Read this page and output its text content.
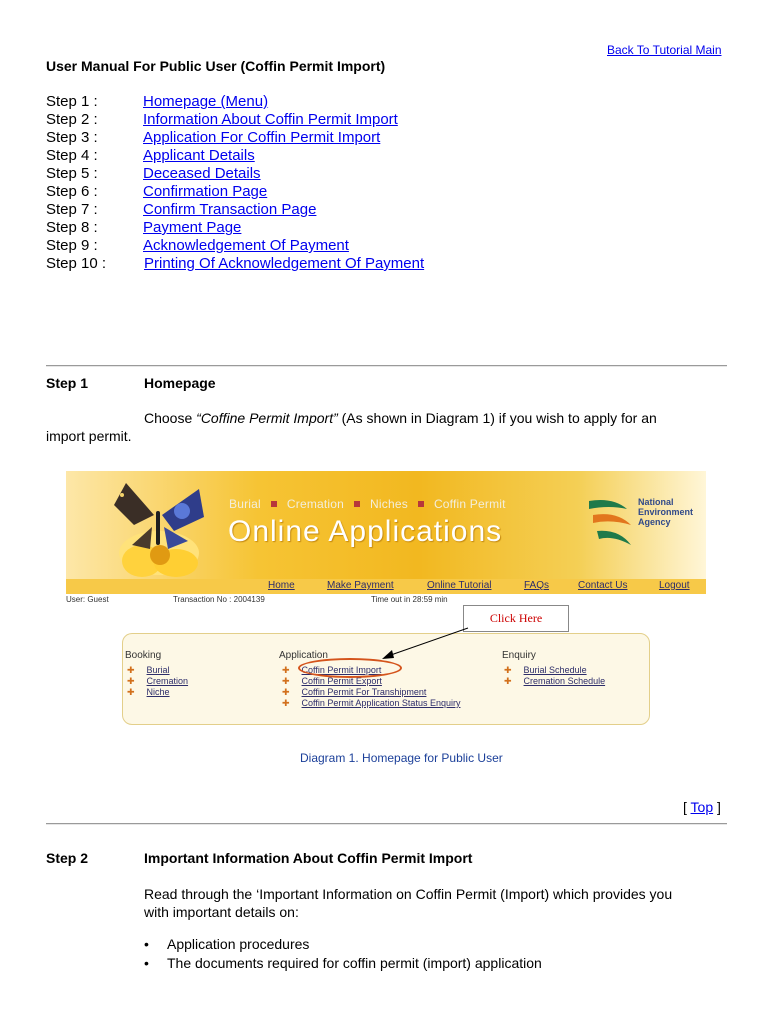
Back To Tutorial Main
User Manual For Public User (Coffin Permit Import)
Step 1 :	Homepage (Menu)
Step 2 :	Information About Coffin Permit Import
Step 3 :	Application For Coffin Permit Import
Step 4 :	Applicant Details
Step 5 :	Deceased Details
Step 6 :	Confirmation Page
Step 7 :	Confirm Transaction Page
Step 8 :	Payment Page
Step 9 :	Acknowledgement Of Payment
Step 10 :	Printing Of Acknowledgement Of Payment
Step 1	Homepage
Choose “Coffine Permit Import” (As shown in Diagram 1) if you wish to apply for an
import permit.
Burial Cremation Niches Coffin Permit
Online Applications
National
Environment
Agency
Home	Make Payment	Online Tutorial	FAQs	Contact Us	Logout
User: Guest	Transaction No : 2004139	Time out in 28:59 min
Booking
✚ Burial
✚ Cremation
✚ Niche
Application
✚ Coffin Permit Import
✚ Coffin Permit Export
✚ Coffin Permit For Transhipment
✚ Coffin Permit Application Status Enquiry
Enquiry
✚ Burial Schedule
✚ Cremation Schedule
Click Here
Diagram 1. Homepage for Public User
[ Top ]
Step 2	Important Information About Coffin Permit Import
Read through the ‘Important Information on Coffin Permit (Import) which provides you
with important details on:
• Application procedures
• The documents required for coffin permit (import) application
